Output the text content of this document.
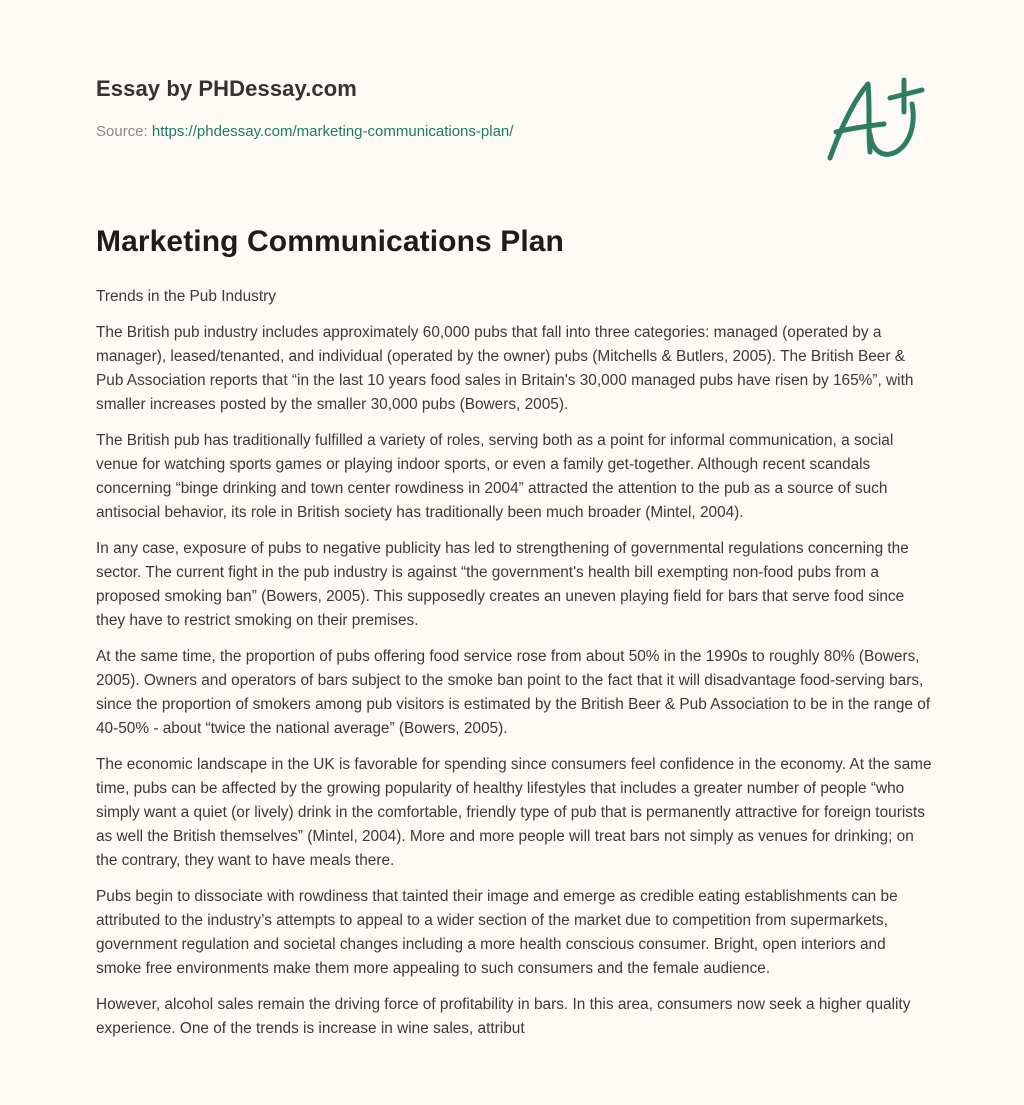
Essay by PHDessay.com

Source: https://phdessay.com/marketing-communications-plan/

Marketing Communications Plan

Trends in the Pub Industry

The British pub industry includes approximately 60,000 pubs that fall into three categories: managed (operated by a manager), leased/tenanted, and individual (operated by the owner) pubs (Mitchells & Butlers, 2005). The British Beer & Pub Association reports that “in the last 10 years food sales in Britain's 30,000 managed pubs have risen by 165%”, with smaller increases posted by the smaller 30,000 pubs (Bowers, 2005).

The British pub has traditionally fulfilled a variety of roles, serving both as a point for informal communication, a social venue for watching sports games or playing indoor sports, or even a family get-together. Although recent scandals concerning “binge drinking and town center rowdiness in 2004” attracted the attention to the pub as a source of such antisocial behavior, its role in British society has traditionally been much broader (Mintel, 2004).

In any case, exposure of pubs to negative publicity has led to strengthening of governmental regulations concerning the sector. The current fight in the pub industry is against “the government's health bill exempting non-food pubs from a proposed smoking ban” (Bowers, 2005). This supposedly creates an uneven playing field for bars that serve food since they have to restrict smoking on their premises.

At the same time, the proportion of pubs offering food service rose from about 50% in the 1990s to roughly 80% (Bowers, 2005). Owners and operators of bars subject to the smoke ban point to the fact that it will disadvantage food-serving bars, since the proportion of smokers among pub visitors is estimated by the British Beer & Pub Association to be in the range of 40-50% - about “twice the national average” (Bowers, 2005).

The economic landscape in the UK is favorable for spending since consumers feel confidence in the economy. At the same time, pubs can be affected by the growing popularity of healthy lifestyles that includes a greater number of people “who simply want a quiet (or lively) drink in the comfortable, friendly type of pub that is permanently attractive for foreign tourists as well the British themselves” (Mintel, 2004). More and more people will treat bars not simply as venues for drinking; on the contrary, they want to have meals there.

Pubs begin to dissociate with rowdiness that tainted their image and emerge as credible eating establishments can be attributed to the industry’s attempts to appeal to a wider section of the market due to competition from supermarkets, government regulation and societal changes including a more health conscious consumer. Bright, open interiors and smoke free environments make them more appealing to such consumers and the female audience.

However, alcohol sales remain the driving force of profitability in bars. In this area, consumers now seek a higher quality experience. One of the trends is increase in wine sales, attribut
